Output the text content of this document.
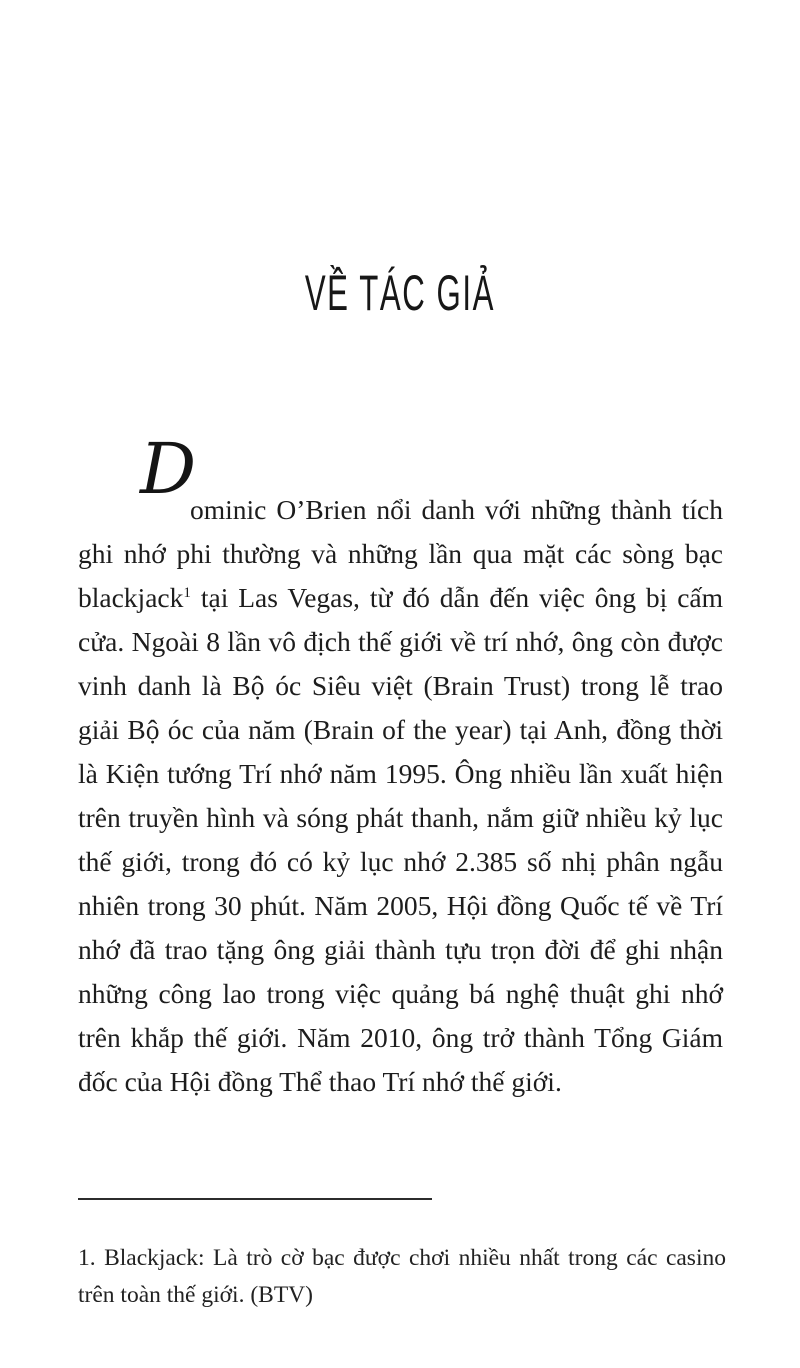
VỀ TÁC GIẢ
D

ominic O’Brien nổi danh với những thành tích ghi nhớ phi thường và những lần qua mặt các sòng bạc blackjack$^1$ tại Las Vegas, từ đó dẫn đến việc ông bị cấm cửa. Ngoài 8 lần vô địch thế giới về trí nhớ, ông còn được vinh danh là Bộ óc Siêu việt (Brain Trust) trong lễ trao giải Bộ óc của năm (Brain of the year) tại Anh, đồng thời là Kiện tướng Trí nhớ năm 1995. Ông nhiều lần xuất hiện trên truyền hình và sóng phát thanh, nắm giữ nhiều kỷ lục thế giới, trong đó có kỷ lục nhớ 2.385 số nhị phân ngẫu nhiên trong 30 phút. Năm 2005, Hội đồng Quốc tế về Trí nhớ đã trao tặng ông giải thành tựu trọn đời để ghi nhận những công lao trong việc quảng bá nghệ thuật ghi nhớ trên khắp thế giới. Năm 2010, ông trở thành Tổng Giám đốc của Hội đồng Thể thao Trí nhớ thế giới.

1. Blackjack: Là trò cờ bạc được chơi nhiều nhất trong các casino trên toàn thế giới. (BTV)
